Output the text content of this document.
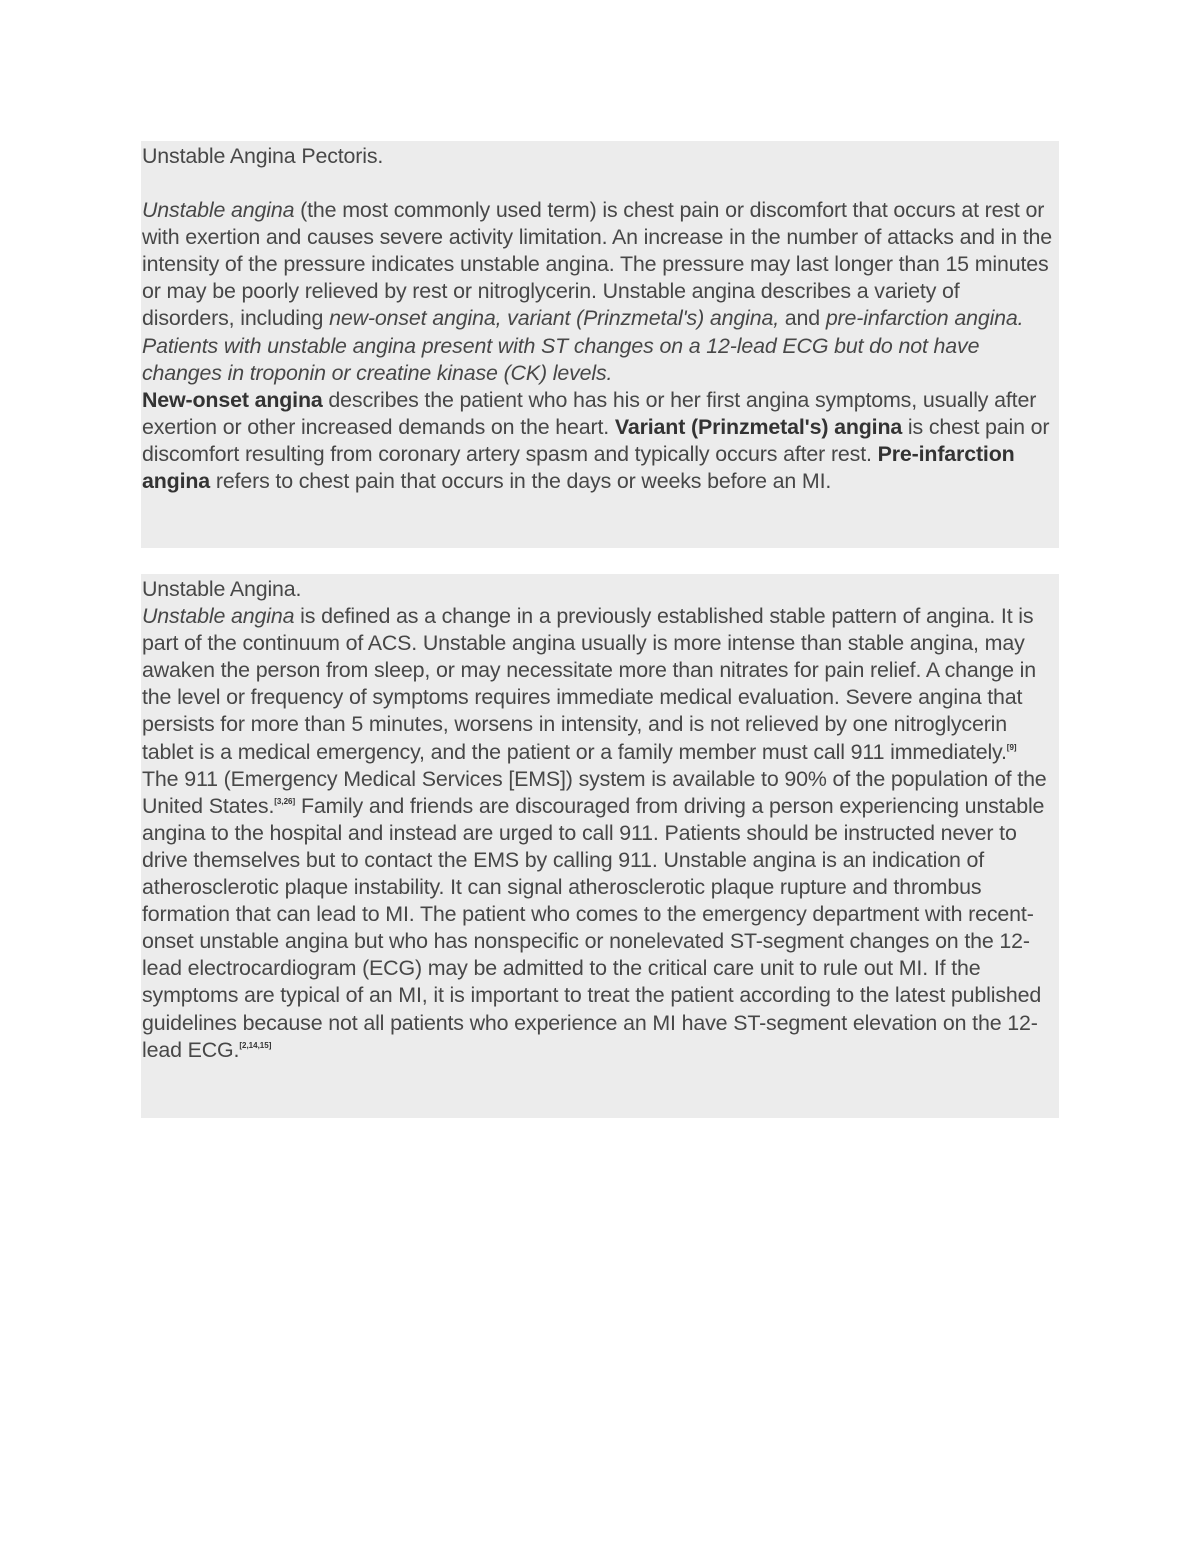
Unstable Angina Pectoris.
Unstable angina (the most commonly used term) is chest pain or discomfort that occurs at rest or with exertion and causes severe activity limitation. An increase in the number of attacks and in the intensity of the pressure indicates unstable angina. The pressure may last longer than 15 minutes or may be poorly relieved by rest or nitroglycerin. Unstable angina describes a variety of disorders, including new-onset angina, variant (Prinzmetal's) angina, and pre-infarction angina. Patients with unstable angina present with ST changes on a 12-lead ECG but do not have changes in troponin or creatine kinase (CK) levels.
New-onset angina describes the patient who has his or her first angina symptoms, usually after exertion or other increased demands on the heart. Variant (Prinzmetal's) angina is chest pain or discomfort resulting from coronary artery spasm and typically occurs after rest. Pre-infarction angina refers to chest pain that occurs in the days or weeks before an MI.
Unstable Angina.
Unstable angina is defined as a change in a previously established stable pattern of angina. It is part of the continuum of ACS. Unstable angina usually is more intense than stable angina, may awaken the person from sleep, or may necessitate more than nitrates for pain relief. A change in the level or frequency of symptoms requires immediate medical evaluation. Severe angina that persists for more than 5 minutes, worsens in intensity, and is not relieved by one nitroglycerin tablet is a medical emergency, and the patient or a family member must call 911 immediately.[9] The 911 (Emergency Medical Services [EMS]) system is available to 90% of the population of the United States.[3,26] Family and friends are discouraged from driving a person experiencing unstable angina to the hospital and instead are urged to call 911. Patients should be instructed never to drive themselves but to contact the EMS by calling 911. Unstable angina is an indication of atherosclerotic plaque instability. It can signal atherosclerotic plaque rupture and thrombus formation that can lead to MI. The patient who comes to the emergency department with recent-onset unstable angina but who has nonspecific or nonelevated ST-segment changes on the 12-lead electrocardiogram (ECG) may be admitted to the critical care unit to rule out MI. If the symptoms are typical of an MI, it is important to treat the patient according to the latest published guidelines because not all patients who experience an MI have ST-segment elevation on the 12-lead ECG.[2,14,15]
